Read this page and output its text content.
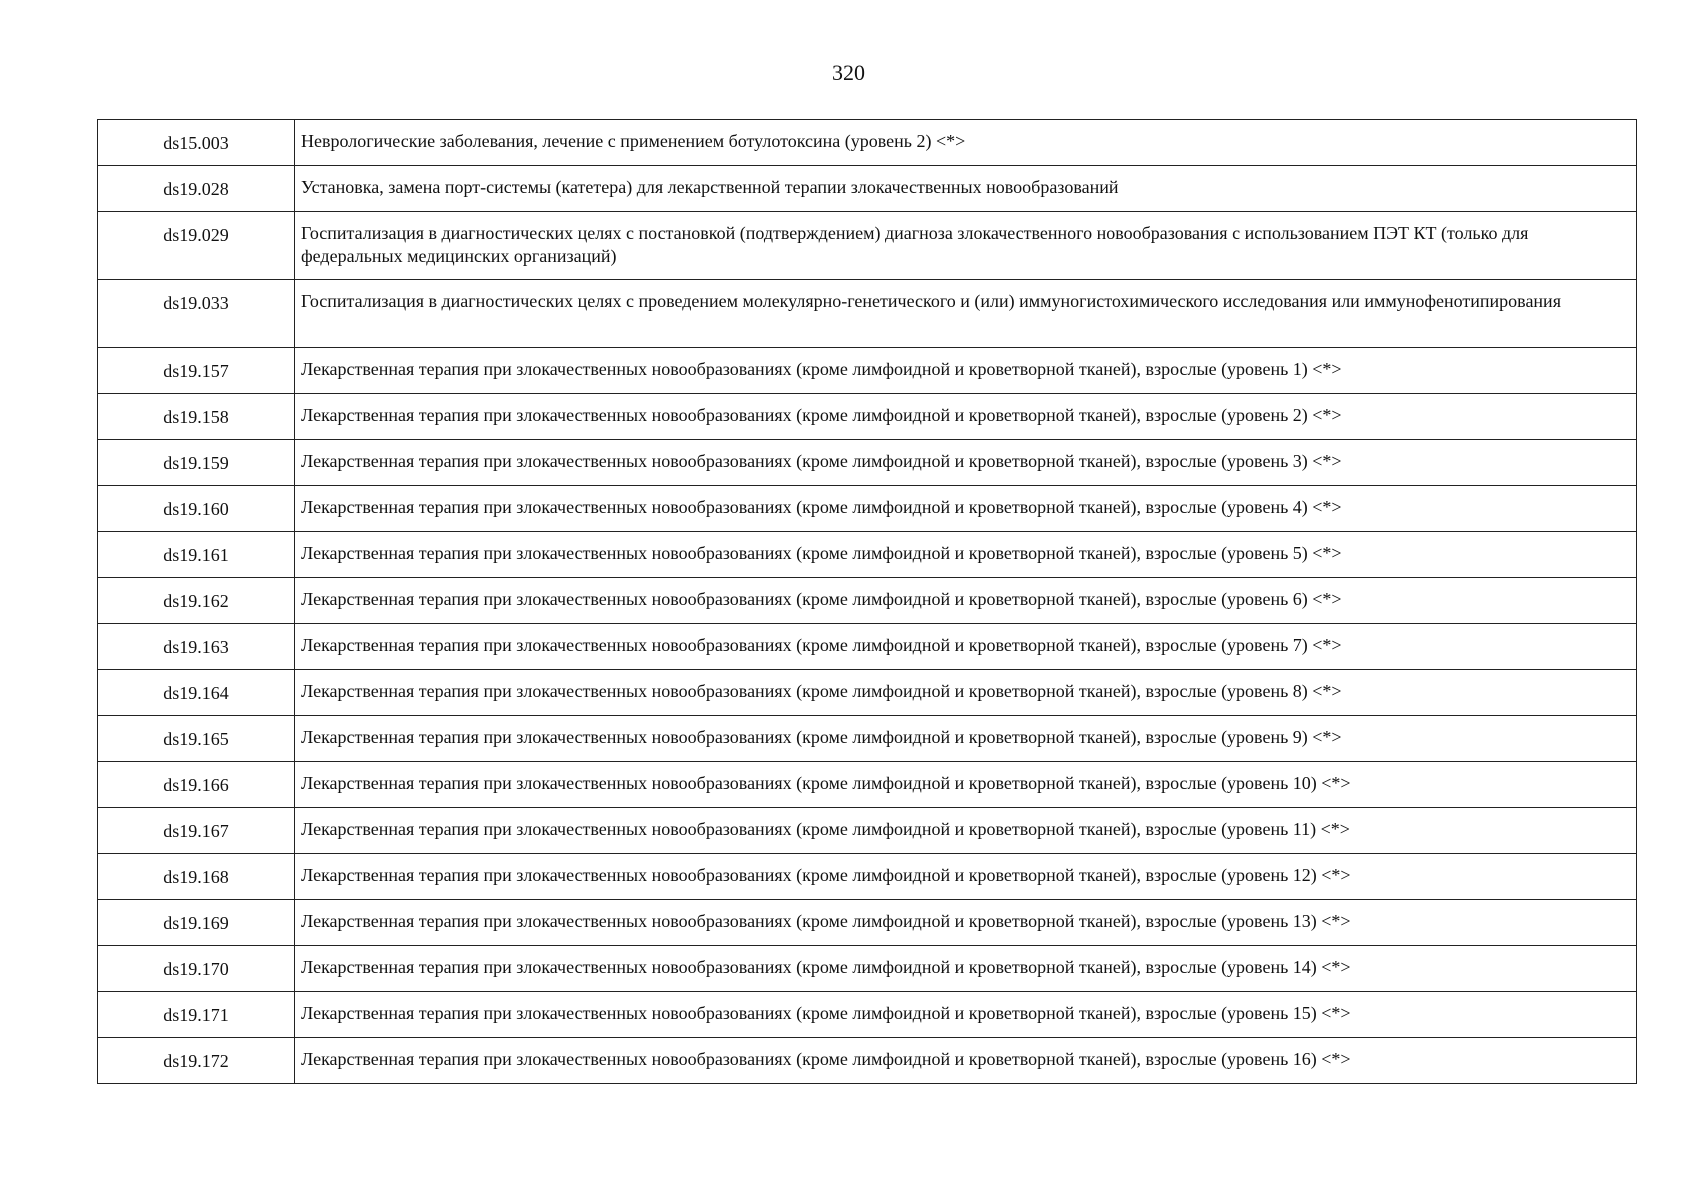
320
ds15.003	Неврологические заболевания, лечение с применением ботулотоксина (уровень 2) <*>
ds19.028	Установка, замена порт-системы (катетера) для лекарственной терапии злокачественных новообразований
ds19.029	Госпитализация в диагностических целях с постановкой (подтверждением) диагноза злокачественного новообразования с использованием ПЭТ КТ (только для федеральных медицинских организаций)
ds19.033	Госпитализация в диагностических целях с проведением молекулярно-генетического и (или) иммуногистохимического исследования или иммунофенотипирования
ds19.157	Лекарственная терапия при злокачественных новообразованиях (кроме лимфоидной и кроветворной тканей), взрослые (уровень 1) <*>
ds19.158	Лекарственная терапия при злокачественных новообразованиях (кроме лимфоидной и кроветворной тканей), взрослые (уровень 2) <*>
ds19.159	Лекарственная терапия при злокачественных новообразованиях (кроме лимфоидной и кроветворной тканей), взрослые (уровень 3) <*>
ds19.160	Лекарственная терапия при злокачественных новообразованиях (кроме лимфоидной и кроветворной тканей), взрослые (уровень 4) <*>
ds19.161	Лекарственная терапия при злокачественных новообразованиях (кроме лимфоидной и кроветворной тканей), взрослые (уровень 5) <*>
ds19.162	Лекарственная терапия при злокачественных новообразованиях (кроме лимфоидной и кроветворной тканей), взрослые (уровень 6) <*>
ds19.163	Лекарственная терапия при злокачественных новообразованиях (кроме лимфоидной и кроветворной тканей), взрослые (уровень 7) <*>
ds19.164	Лекарственная терапия при злокачественных новообразованиях (кроме лимфоидной и кроветворной тканей), взрослые (уровень 8) <*>
ds19.165	Лекарственная терапия при злокачественных новообразованиях (кроме лимфоидной и кроветворной тканей), взрослые (уровень 9) <*>
ds19.166	Лекарственная терапия при злокачественных новообразованиях (кроме лимфоидной и кроветворной тканей), взрослые (уровень 10) <*>
ds19.167	Лекарственная терапия при злокачественных новообразованиях (кроме лимфоидной и кроветворной тканей), взрослые (уровень 11) <*>
ds19.168	Лекарственная терапия при злокачественных новообразованиях (кроме лимфоидной и кроветворной тканей), взрослые (уровень 12) <*>
ds19.169	Лекарственная терапия при злокачественных новообразованиях (кроме лимфоидной и кроветворной тканей), взрослые (уровень 13) <*>
ds19.170	Лекарственная терапия при злокачественных новообразованиях (кроме лимфоидной и кроветворной тканей), взрослые (уровень 14) <*>
ds19.171	Лекарственная терапия при злокачественных новообразованиях (кроме лимфоидной и кроветворной тканей), взрослые (уровень 15) <*>
ds19.172	Лекарственная терапия при злокачественных новообразованиях (кроме лимфоидной и кроветворной тканей), взрослые (уровень 16) <*>
